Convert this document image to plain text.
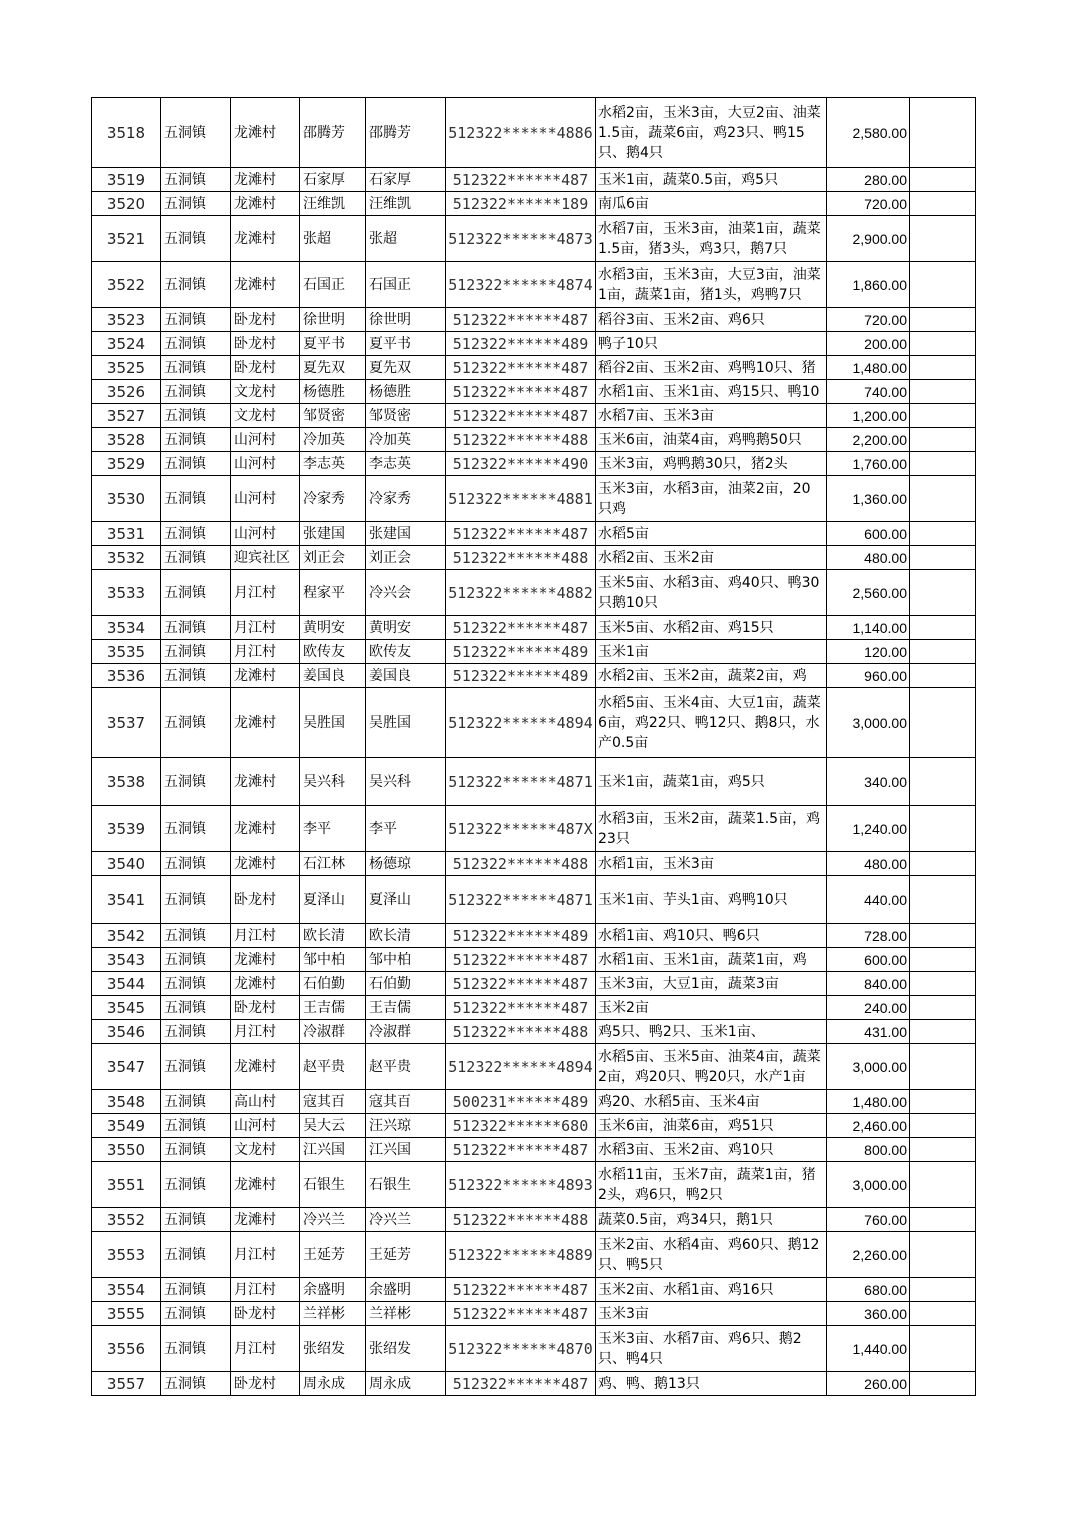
3518	五洞镇	龙滩村	邵腾芳	邵腾芳	512322******4886	水稻2亩，玉米3亩，大豆2亩、油菜1.5亩，蔬菜6亩，鸡23只、鸭15只、鹅4只	2,580.00	
3519	五洞镇	龙滩村	石家厚	石家厚	512322******487	玉米1亩，蔬菜0.5亩，鸡5只	280.00	
3520	五洞镇	龙滩村	汪维凯	汪维凯	512322******189	南瓜6亩	720.00	
3521	五洞镇	龙滩村	张超	张超	512322******4873	水稻7亩，玉米3亩，油菜1亩，蔬菜1.5亩，猪3头，鸡3只，鹅7只	2,900.00	
3522	五洞镇	龙滩村	石国正	石国正	512322******4874	水稻3亩，玉米3亩，大豆3亩，油菜1亩，蔬菜1亩，猪1头，鸡鸭7只	1,860.00	
3523	五洞镇	卧龙村	徐世明	徐世明	512322******487	稻谷3亩、玉米2亩、鸡6只	720.00	
3524	五洞镇	卧龙村	夏平书	夏平书	512322******489	鸭子10只	200.00	
3525	五洞镇	卧龙村	夏先双	夏先双	512322******487	稻谷2亩、玉米2亩、鸡鸭10只、猪	1,480.00	
3526	五洞镇	文龙村	杨德胜	杨德胜	512322******487	水稻1亩、玉米1亩、鸡15只、鸭10	740.00	
3527	五洞镇	文龙村	邹贤密	邹贤密	512322******487	水稻7亩、玉米3亩	1,200.00	
3528	五洞镇	山河村	冷加英	冷加英	512322******488	玉米6亩，油菜4亩，鸡鸭鹅50只	2,200.00	
3529	五洞镇	山河村	李志英	李志英	512322******490	玉米3亩，鸡鸭鹅30只，猪2头	1,760.00	
3530	五洞镇	山河村	冷家秀	冷家秀	512322******4881	玉米3亩，水稻3亩，油菜2亩，20只鸡	1,360.00	
3531	五洞镇	山河村	张建国	张建国	512322******487	水稻5亩	600.00	
3532	五洞镇	迎宾社区	刘正会	刘正会	512322******488	水稻2亩、玉米2亩	480.00	
3533	五洞镇	月江村	程家平	冷兴会	512322******4882	玉米5亩、水稻3亩、鸡40只、鸭30只鹅10只	2,560.00	
3534	五洞镇	月江村	黄明安	黄明安	512322******487	玉米5亩、水稻2亩、鸡15只	1,140.00	
3535	五洞镇	月江村	欧传友	欧传友	512322******489	玉米1亩	120.00	
3536	五洞镇	龙滩村	姜国良	姜国良	512322******489	水稻2亩、玉米2亩，蔬菜2亩，鸡	960.00	
3537	五洞镇	龙滩村	吴胜国	吴胜国	512322******4894	水稻5亩、玉米4亩、大豆1亩，蔬菜6亩，鸡22只、鸭12只、鹅8只，水产0.5亩	3,000.00	
3538	五洞镇	龙滩村	吴兴科	吴兴科	512322******4871	玉米1亩，蔬菜1亩，鸡5只	340.00	
3539	五洞镇	龙滩村	李平	李平	512322******487X	水稻3亩，玉米2亩，蔬菜1.5亩，鸡23只	1,240.00	
3540	五洞镇	龙滩村	石江林	杨德琼	512322******488	水稻1亩，玉米3亩	480.00	
3541	五洞镇	卧龙村	夏泽山	夏泽山	512322******4871	玉米1亩、芋头1亩、鸡鸭10只	440.00	
3542	五洞镇	月江村	欧长清	欧长清	512322******489	水稻1亩、鸡10只、鸭6只	728.00	
3543	五洞镇	龙滩村	邹中柏	邹中柏	512322******487	水稻1亩、玉米1亩，蔬菜1亩，鸡	600.00	
3544	五洞镇	龙滩村	石伯勤	石伯勤	512322******487	玉米3亩，大豆1亩，蔬菜3亩	840.00	
3545	五洞镇	卧龙村	王吉儒	王吉儒	512322******487	玉米2亩	240.00	
3546	五洞镇	月江村	冷淑群	冷淑群	512322******488	鸡5只、鸭2只、玉米1亩、	431.00	
3547	五洞镇	龙滩村	赵平贵	赵平贵	512322******4894	水稻5亩、玉米5亩、油菜4亩，蔬菜2亩，鸡20只、鸭20只，水产1亩	3,000.00	
3548	五洞镇	高山村	寇其百	寇其百	500231******489	鸡20、水稻5亩、玉米4亩	1,480.00	
3549	五洞镇	山河村	吴大云	汪兴琼	512322******680	玉米6亩，油菜6亩，鸡51只	2,460.00	
3550	五洞镇	文龙村	江兴国	江兴国	512322******487	水稻3亩、玉米2亩、鸡10只	800.00	
3551	五洞镇	龙滩村	石银生	石银生	512322******4893	水稻11亩，玉米7亩，蔬菜1亩，猪2头，鸡6只，鸭2只	3,000.00	
3552	五洞镇	龙滩村	冷兴兰	冷兴兰	512322******488	蔬菜0.5亩，鸡34只，鹅1只	760.00	
3553	五洞镇	月江村	王延芳	王延芳	512322******4889	玉米2亩、水稻4亩、鸡60只、鹅12只、鸭5只	2,260.00	
3554	五洞镇	月江村	余盛明	余盛明	512322******487	玉米2亩、水稻1亩、鸡16只	680.00	
3555	五洞镇	卧龙村	兰祥彬	兰祥彬	512322******487	玉米3亩	360.00	
3556	五洞镇	月江村	张绍发	张绍发	512322******4870	玉米3亩、水稻7亩、鸡6只、鹅2只、鸭4只	1,440.00	
3557	五洞镇	卧龙村	周永成	周永成	512322******487	鸡、鸭、鹅13只	260.00	
